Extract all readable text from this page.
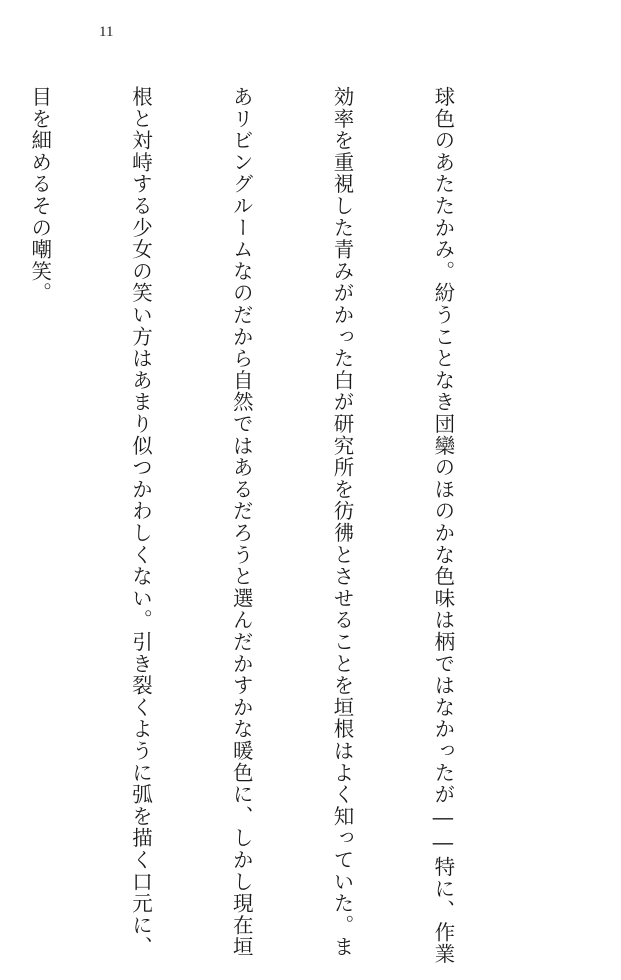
11

球色のあたたかみ。紛うことなき団欒のほのかな色味は柄ではなかったが――特に、作業

効率を重視した青みがかった白が研究所を彷彿とさせることを垣根はよく知っていた。ま

あリビングルームなのだから自然ではあるだろうと選んだかすかな暖色に、しかし現在垣

根と対峙する少女の笑い方はあまり似つかわしくない。引き裂くように弧を描く口元に、

目を細めるその嘲笑。
